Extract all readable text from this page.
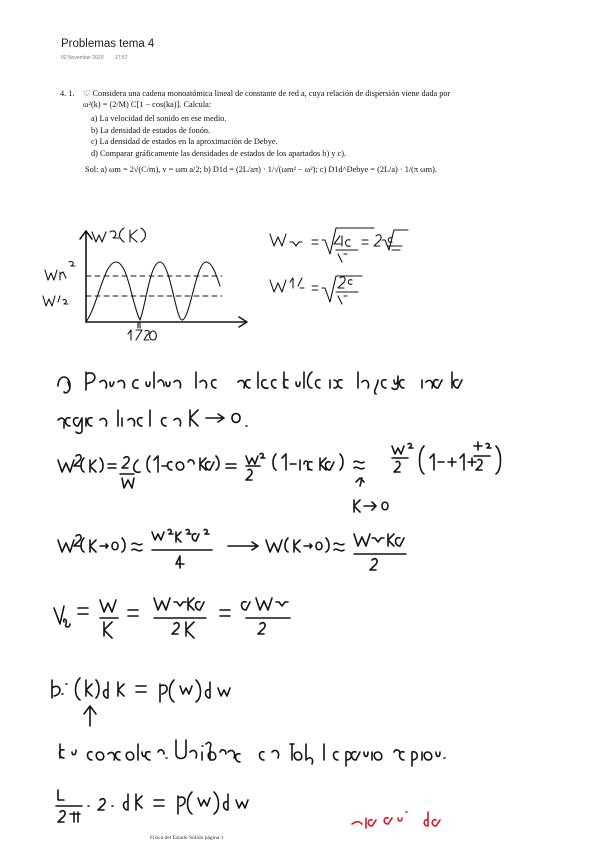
Problemas tema 4
02 November 2020 17:57
4. 1.	♡ Considera una cadena monoatómica lineal de constante de red a, cuya relación de dispersión viene dada por ω²(k) = (2/M) C[1 − cos(ka)]. Calcula:
a) La velocidad del sonido en ese medio.
b) La densidad de estados de fonón.
c) La densidad de estados en la aproximación de Debye.
d) Comparar gráficamente las densidades de estados de los apartados b) y c).
Sol: a) ωm = 2√(C/m), v = ωm a/2; b) D1d = (2L/aπ) · 1/√(ωm² − ω²); c) D1d^Debye = (2L/a) · 1/(π ωm).
Física del Estado Sólido página 1
